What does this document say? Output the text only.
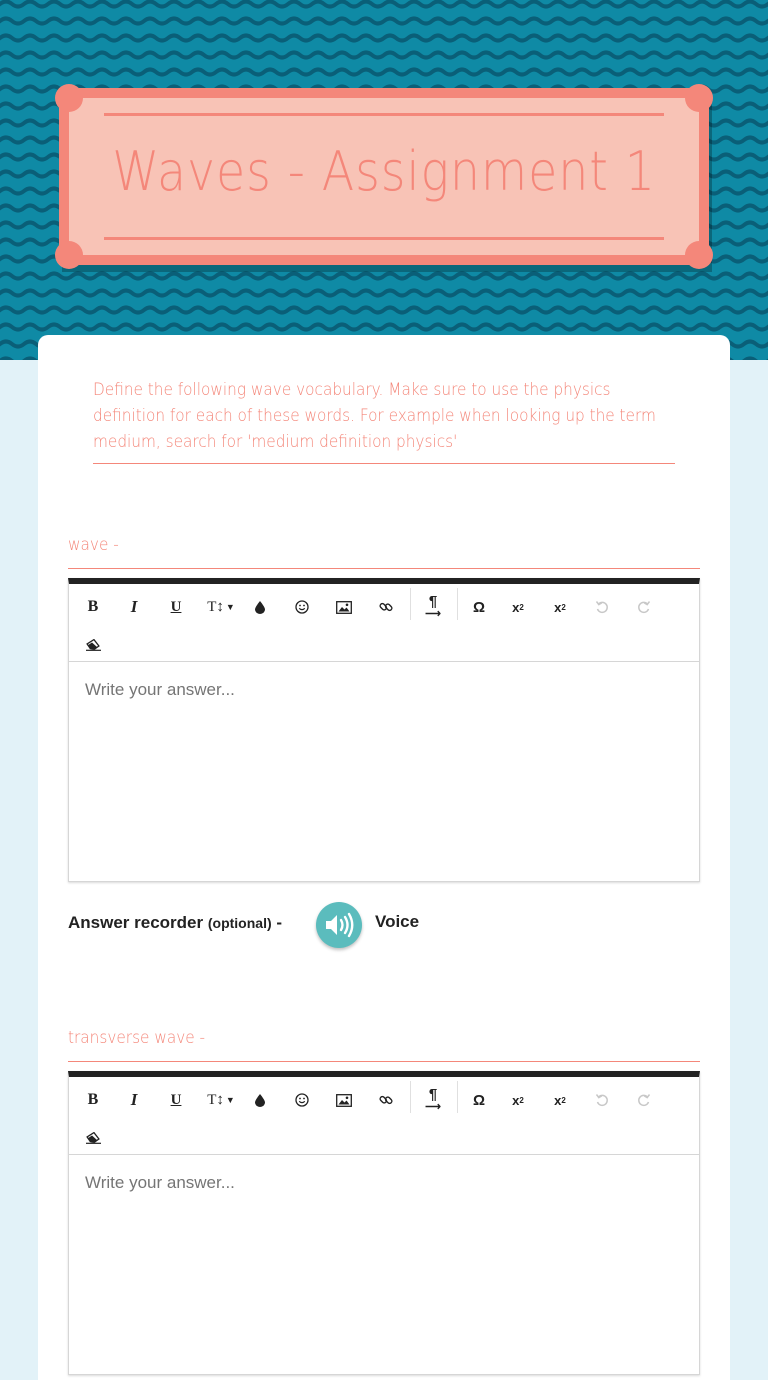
Waves - Assignment 1
Define the following wave vocabulary. Make sure to use the physics definition for each of these words. For example when looking up the term medium, search for 'medium definition physics'
wave -
B	I	U	T↕ ▼	¶
⟶	Ω	x 2 x 2
Write your answer...
Answer recorder (optional) -	Voice
transverse wave -
B	I	U	T↕ ▼	¶
⟶	Ω	x 2 x 2
Write your answer...
